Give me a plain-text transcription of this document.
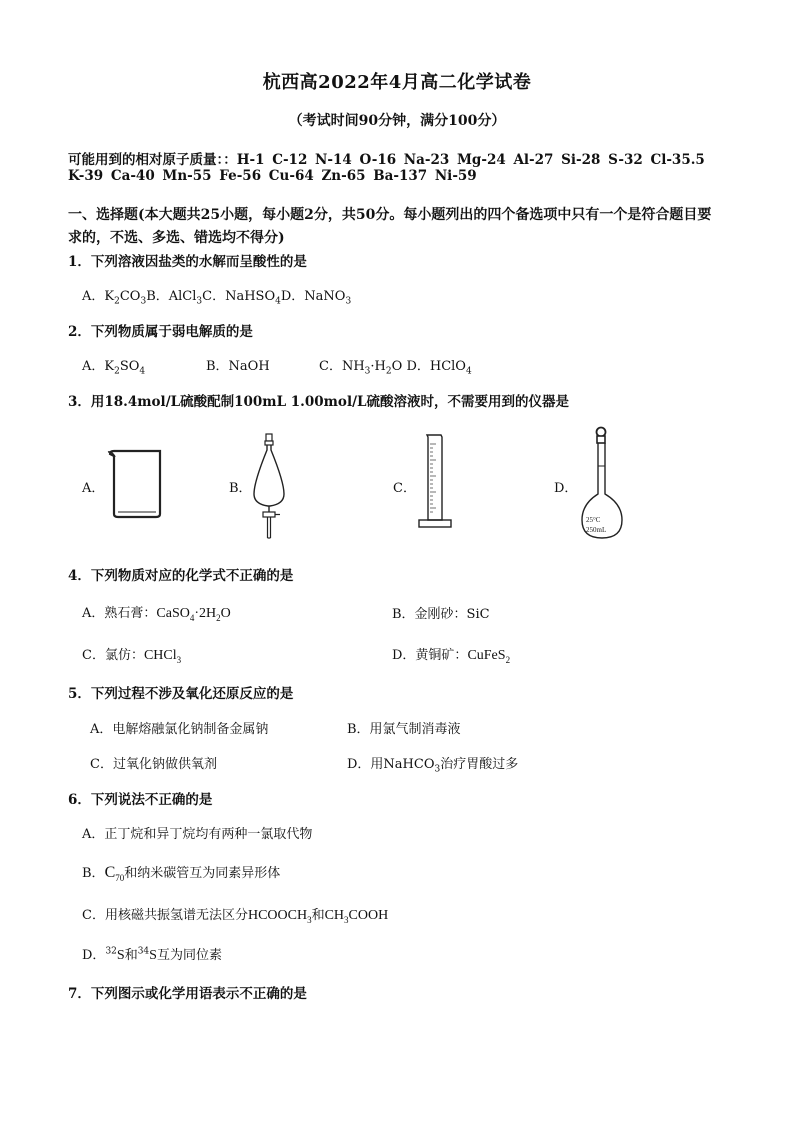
杭西高2022年4月高二化学试卷
（考试时间90分钟，满分100分）
可能用到的相对原子质量：：H-1 C-12 N-14 O-16 Na-23 Mg-24 Al-27 Si-28 S-32 Cl-35.5
K-39 Ca-40 Mn-55 Fe-56 Cu-64 Zn-65 Ba-137 Ni-59
一、选择题(本大题共25小题，每小题2分，共50分。每小题列出的四个备选项中只有一个是符合题目要
求的，不选、多选、错选均不得分)
1．下列溶液因盐类的水解而呈酸性的是
A．$K_2CO_3B$．AlCl$_3$C．NaHSO$_4$D．NaNO$_3$
2．下列物质属于弱电解质的是
A．$K_2SO_4$	B．NaOH	C．$NH_3\cdot H_2O$ D．HClO$_4$
3．用18.4mol/L硫酸配制100mL 1.00mol/L硫酸溶液时，不需要用到的仪器是
A．	B．	C．	D．
25°C
250mL
4．下列物质对应的化学式不正确的是
A．熟石膏：$CaSO_4\cdot 2H_2O$	B．金刚砂：SiC
C．氯仿：CHCl$_3$	D．黄铜矿：CuFeS$_2$
5．下列过程不涉及氧化还原反应的是
A．电解熔融氯化钠制备金属钠	B．用氯气制消毒液
C．过氧化钠做供氧剂	D．用NaHCO$_3$治疗胃酸过多
6．下列说法不正确的是
A．正丁烷和异丁烷均有两种一氯取代物
B．$C_{70}$和纳米碳管互为同素异形体
C．用核磁共振氢谱无法区分$HCOOCH_3$和$CH_3COOH$
D．$^{32}$S和$^{34}$S互为同位素
7．下列图示或化学用语表示不正确的是
